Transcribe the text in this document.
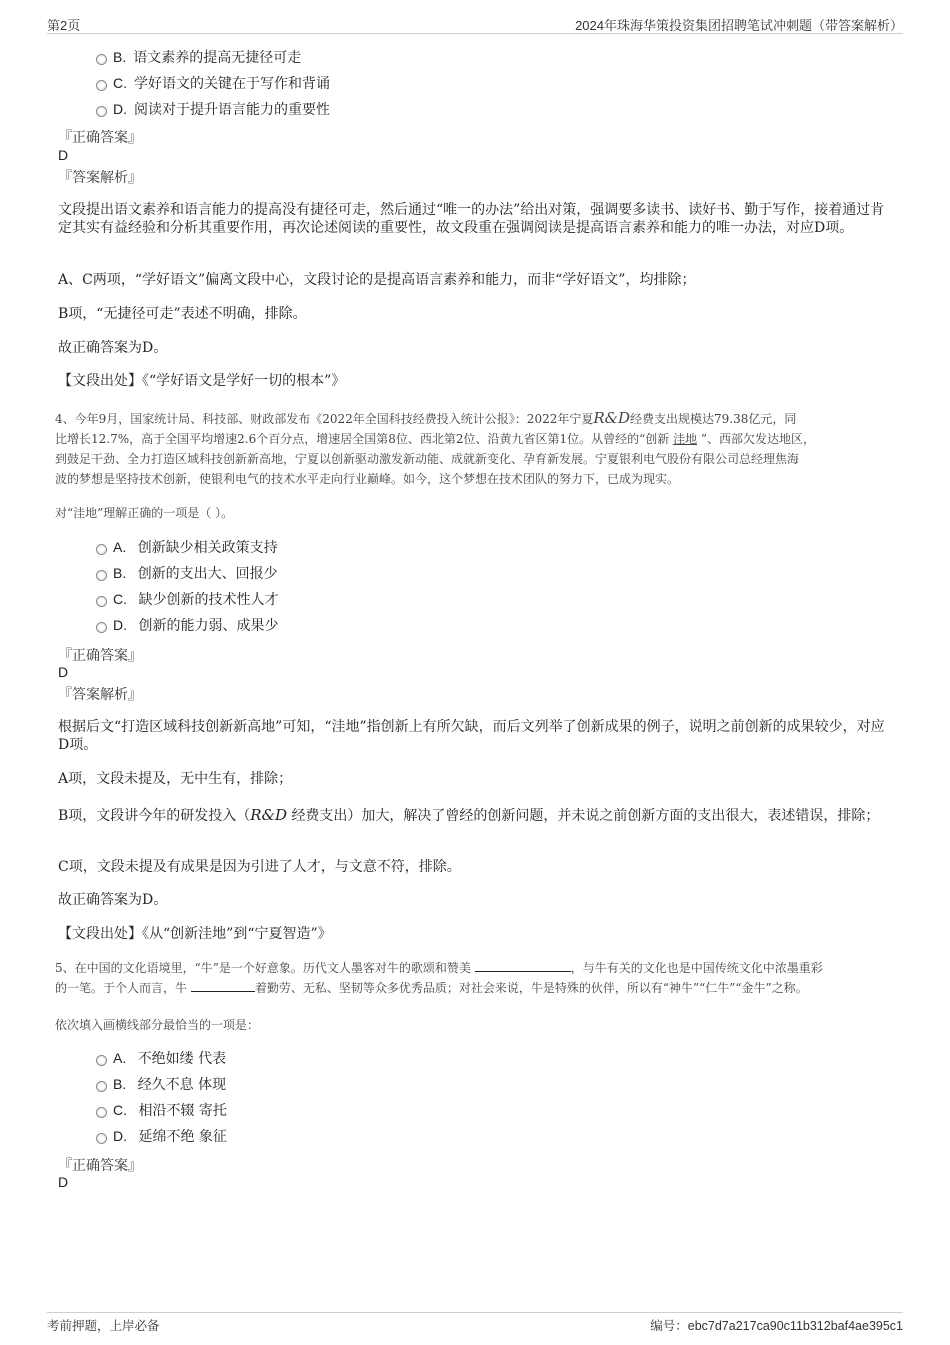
第2页	2024年珠海华策投资集团招聘笔试冲刺题（带答案解析）
B. 语文素养的提高无捷径可走
C. 学好语文的关键在于写作和背诵
D. 阅读对于提升语言能力的重要性
『正确答案』
D
『答案解析』
文段提出语文素养和语言能力的提高没有捷径可走，然后通过“唯一的办法”给出对策，强调要多读书、读好书、勤于写作，接着通过肯定其实有益经验和分析其重要作用，再次论述阅读的重要性，故文段重在强调阅读是提高语言素养和能力的唯一办法，对应D项。
A、C两项，“学好语文”偏离文段中心，文段讨论的是提高语言素养和能力，而非“学好语文”，均排除；
B项，“无捷径可走”表述不明确，排除。
故正确答案为D。
【文段出处】《“学好语文是学好一切的根本”》
4、今年9月，国家统计局、科技部、财政部发布《2022年全国科技经费投入统计公报》：2022年宁夏R&D经费支出规模达79.38亿元，同
比增长12.7%，高于全国平均增速2.6个百分点，增速居全国第8位、西北第2位、沿黄九省区第1位。从曾经的“创新 洼地 ”、西部欠发达地区，
到鼓足干劲、全力打造区域科技创新新高地，宁夏以创新驱动激发新动能、成就新变化、孕育新发展。宁夏银利电气股份有限公司总经理焦海
波的梦想是坚持技术创新，使银利电气的技术水平走向行业巅峰。如今，这个梦想在技术团队的努力下，已成为现实。
对“洼地”理解正确的一项是（ ）。
A. 创新缺少相关政策支持
B. 创新的支出大、回报少
C. 缺少创新的技术性人才
D. 创新的能力弱、成果少
『正确答案』
D
『答案解析』
根据后文“打造区域科技创新新高地”可知，“洼地”指创新上有所欠缺，而后文列举了创新成果的例子，说明之前创新的成果较少，对应D项。
A项，文段未提及，无中生有，排除；
B项，文段讲今年的研发投入（R&D 经费支出）加大，解决了曾经的创新问题，并未说之前创新方面的支出很大，表述错误，排除；
C项，文段未提及有成果是因为引进了人才，与文意不符，排除。
故正确答案为D。
【文段出处】《从“创新洼地”到“宁夏智造”》
5、在中国的文化语境里，“牛”是一个好意象。历代文人墨客对牛的歌颂和赞美	，与牛有关的文化也是中国传统文化中浓墨重彩
的一笔。于个人而言，牛	着勤劳、无私、坚韧等众多优秀品质；对社会来说，牛是特殊的伙伴，所以有“神牛”“仁牛”“金牛”之称。
依次填入画横线部分最恰当的一项是：
A. 不绝如缕 代表
B. 经久不息 体现
C. 相沿不辍 寄托
D. 延绵不绝 象征
『正确答案』
D
考前押题，上岸必备	编号：ebc7d7a217ca90c11b312baf4ae395c1
